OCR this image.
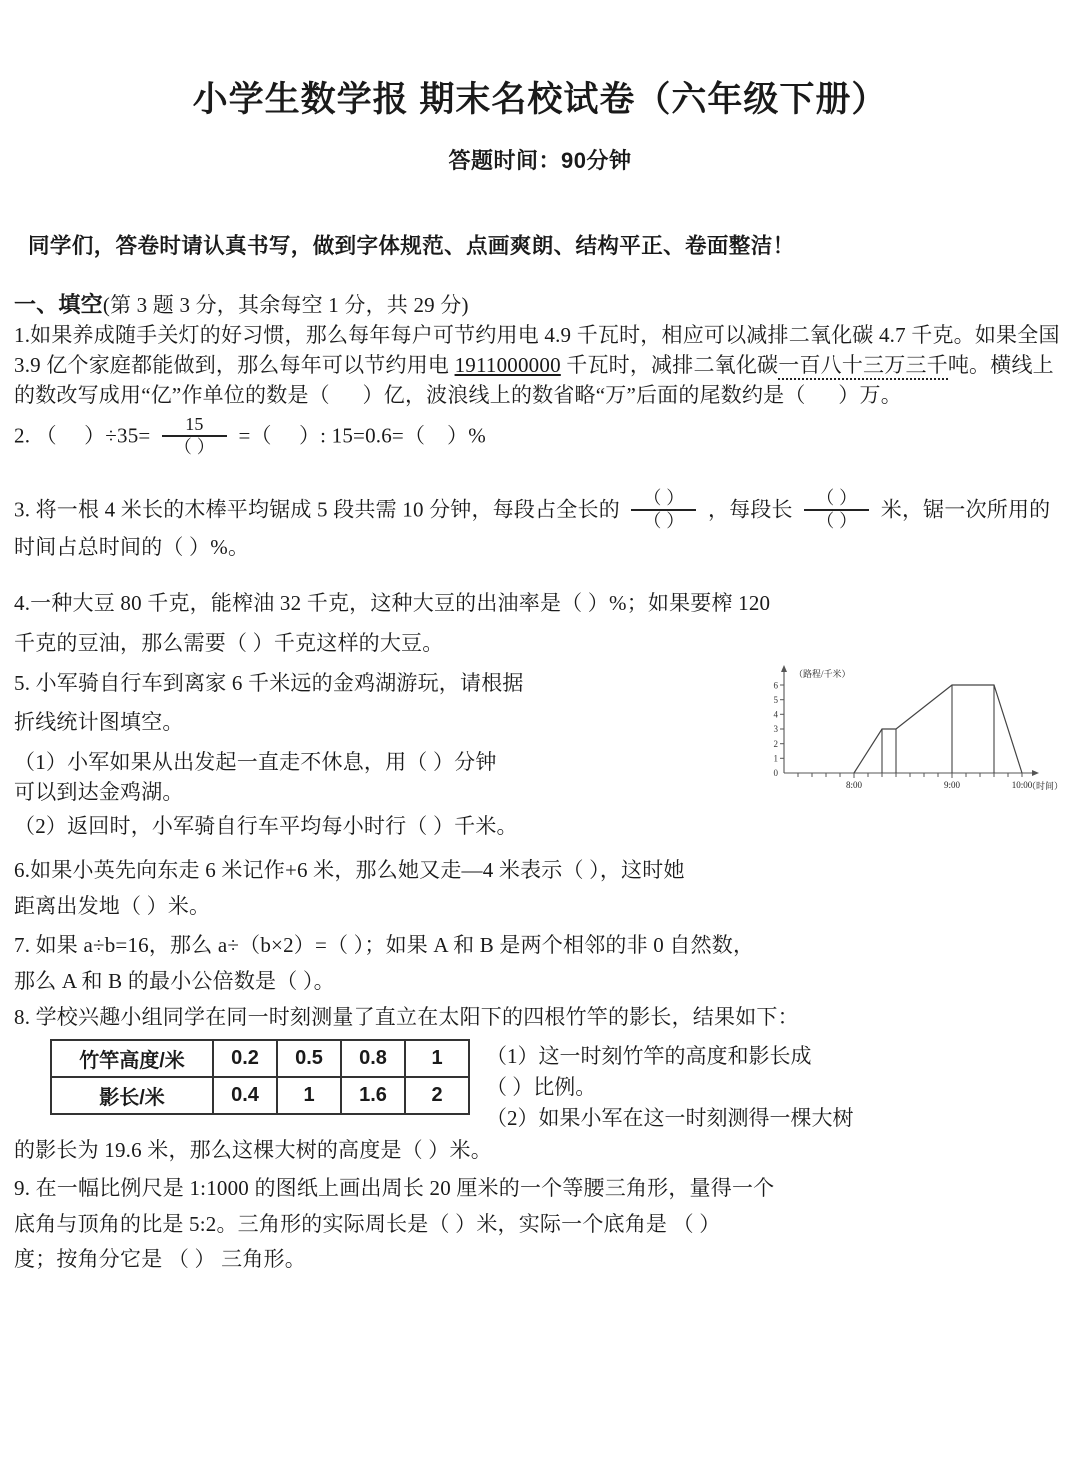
小学生数学报 期末名校试卷（六年级下册）
答题时间：90分钟
同学们，答卷时请认真书写，做到字体规范、点画爽朗、结构平正、卷面整洁！
一、填空(第 3 题 3 分，其余每空 1 分，共 29 分)
1.如果养成随手关灯的好习惯，那么每年每户可节约用电 4.9 千瓦时，相应可以减排二氧化碳 4.7 千克。如果全国 3.9 亿个家庭都能做到，那么每年可以节约用电 1911000000 千瓦时，减排二氧化碳一百八十三万三千吨。横线上的数改写成用“亿”作单位的数是（ ）亿，波浪线上的数省略“万”后面的尾数约是（ ）万。
2. （ ）$\div 35= \frac{15}{( )}$ =（ ）: 15=0.6=（ ）%
3. 将一根 4 米长的木棒平均锯成 5 段共需 10 分钟，每段占全长的 $\frac{( )}{( )}$ ，每段长 $\frac{( )}{( )}$ 米，锯一次所用的时间占总时间的（ ）%。
4.一种大豆 80 千克，能榨油 32 千克，这种大豆的出油率是（ ）%；如果要榨 120
千克的豆油，那么需要（ ）千克这样的大豆。
5. 小军骑自行车到离家 6 千米远的金鸡湖游玩，请根据
折线统计图填空。
（1）小军如果从出发起一直走不休息，用（ ）分钟
可以到达金鸡湖。
（2）返回时，小军骑自行车平均每小时行（ ）千米。
0
1
2
3
4
5
6
8:00	9:00	10:00
（路程/千米）
（时间）
6.如果小英先向东走 6 米记作+6 米，那么她又走—4 米表示（ ），这时她
距离出发地（ ）米。
7. 如果 a÷b=16，那么 a÷（b×2）=（ ）；如果 A 和 B 是两个相邻的非 0 自然数，
那么 A 和 B 的最小公倍数是（ ）。
8. 学校兴趣小组同学在同一时刻测量了直立在太阳下的四根竹竿的影长，结果如下：
竹竿高度/米	0.2	0.5	0.8	1
影长/米	0.4	1	1.6	2
（1）这一时刻竹竿的高度和影长成
（ ）比例。
（2）如果小军在这一时刻测得一棵大树
的影长为 19.6 米，那么这棵大树的高度是（ ）米。
9. 在一幅比例尺是 1:1000 的图纸上画出周长 20 厘米的一个等腰三角形，量得一个
底角与顶角的比是 5:2。三角形的实际周长是（ ）米，实际一个底角是 （ ）
度；按角分它是 （ ） 三角形。
